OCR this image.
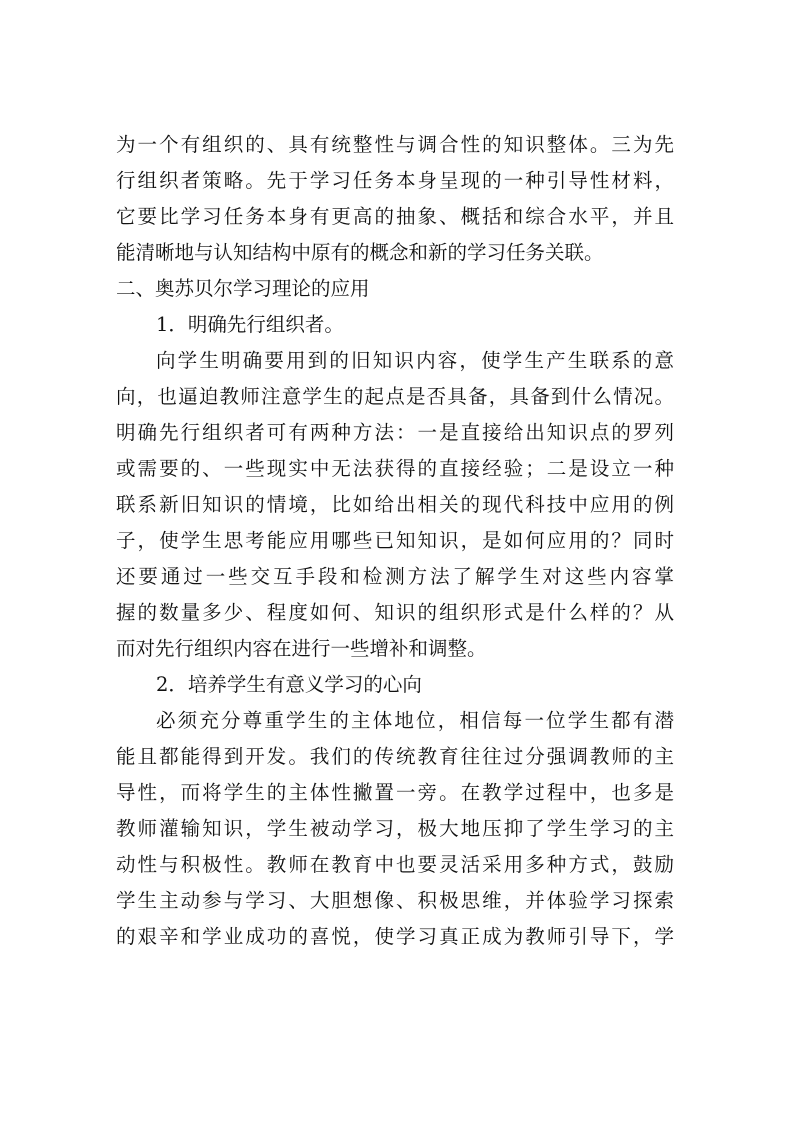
为一个有组织的、具有统整性与调合性的知识整体。三为先
行组织者策略。先于学习任务本身呈现的一种引导性材料，
它要比学习任务本身有更高的抽象、概括和综合水平，并且
能清晰地与认知结构中原有的概念和新的学习任务关联。
二、奥苏贝尔学习理论的应用
1．明确先行组织者。
向学生明确要用到的旧知识内容，使学生产生联系的意
向，也逼迫教师注意学生的起点是否具备，具备到什么情况。
明确先行组织者可有两种方法：一是直接给出知识点的罗列
或需要的、一些现实中无法获得的直接经验；二是设立一种
联系新旧知识的情境，比如给出相关的现代科技中应用的例
子，使学生思考能应用哪些已知知识，是如何应用的？同时
还要通过一些交互手段和检测方法了解学生对这些内容掌
握的数量多少、程度如何、知识的组织形式是什么样的？从
而对先行组织内容在进行一些增补和调整。
2．培养学生有意义学习的心向
必须充分尊重学生的主体地位，相信每一位学生都有潜
能且都能得到开发。我们的传统教育往往过分强调教师的主
导性，而将学生的主体性撇置一旁。在教学过程中，也多是
教师灌输知识，学生被动学习，极大地压抑了学生学习的主
动性与积极性。教师在教育中也要灵活采用多种方式，鼓励
学生主动参与学习、大胆想像、积极思维，并体验学习探索
的艰辛和学业成功的喜悦，使学习真正成为教师引导下，学
